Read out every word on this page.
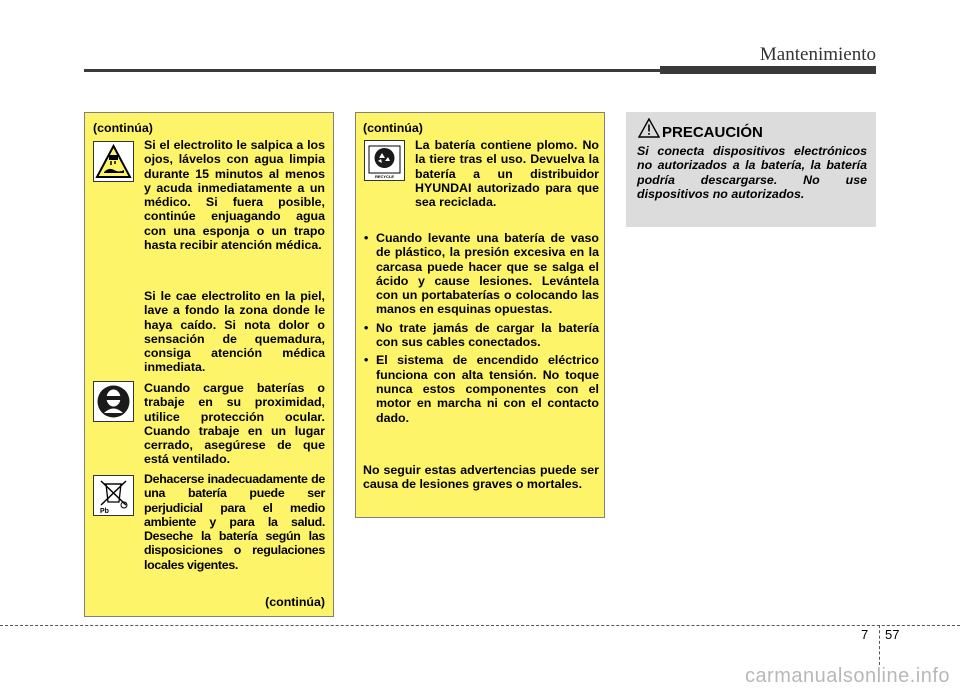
Mantenimiento
(continúa)
Si el electrolito le salpica a los ojos, lávelos con agua limpia durante 15 minutos al menos y acuda inmediatamente a un médico. Si fuera posible, continúe enjuagando agua con una esponja o un trapo hasta recibir atención médica.
Si le cae electrolito en la piel, lave a fondo la zona donde le haya caído. Si nota dolor o sensación de quemadura, consiga atención médica inmediata.
Cuando cargue baterías o trabaje en su proximidad, utilice protección ocular. Cuando trabaje en un lugar cerrado, asegúrese de que está ventilado.
Pb
Dehacerse inadecuadamente de una batería puede ser perjudicial para el medio ambiente y para la salud. Deseche la batería según las disposiciones o regulaciones locales vigentes.
(continúa)
(continúa)
RECYCLE
La batería contiene plomo. No la tiere tras el uso. Devuelva la batería a un distribuidor HYUNDAI autorizado para que sea reciclada.
• Cuando levante una batería de vaso de plástico, la presión excesiva en la carcasa puede hacer que se salga el ácido y cause lesiones. Levántela con un portabaterías o colocando las manos en esquinas opuestas.
• No trate jamás de cargar la batería con sus cables conectados.
• El sistema de encendido eléctrico funciona con alta tensión. No toque nunca estos componentes con el motor en marcha ni con el contacto dado.
No seguir estas advertencias puede ser causa de lesiones graves o mortales.
PRECAUCIÓN
Si conecta dispositivos electrónicos no autorizados a la batería, la batería podría descargarse. No use dispositivos no autorizados.
7 57
carmanualsonline.info
